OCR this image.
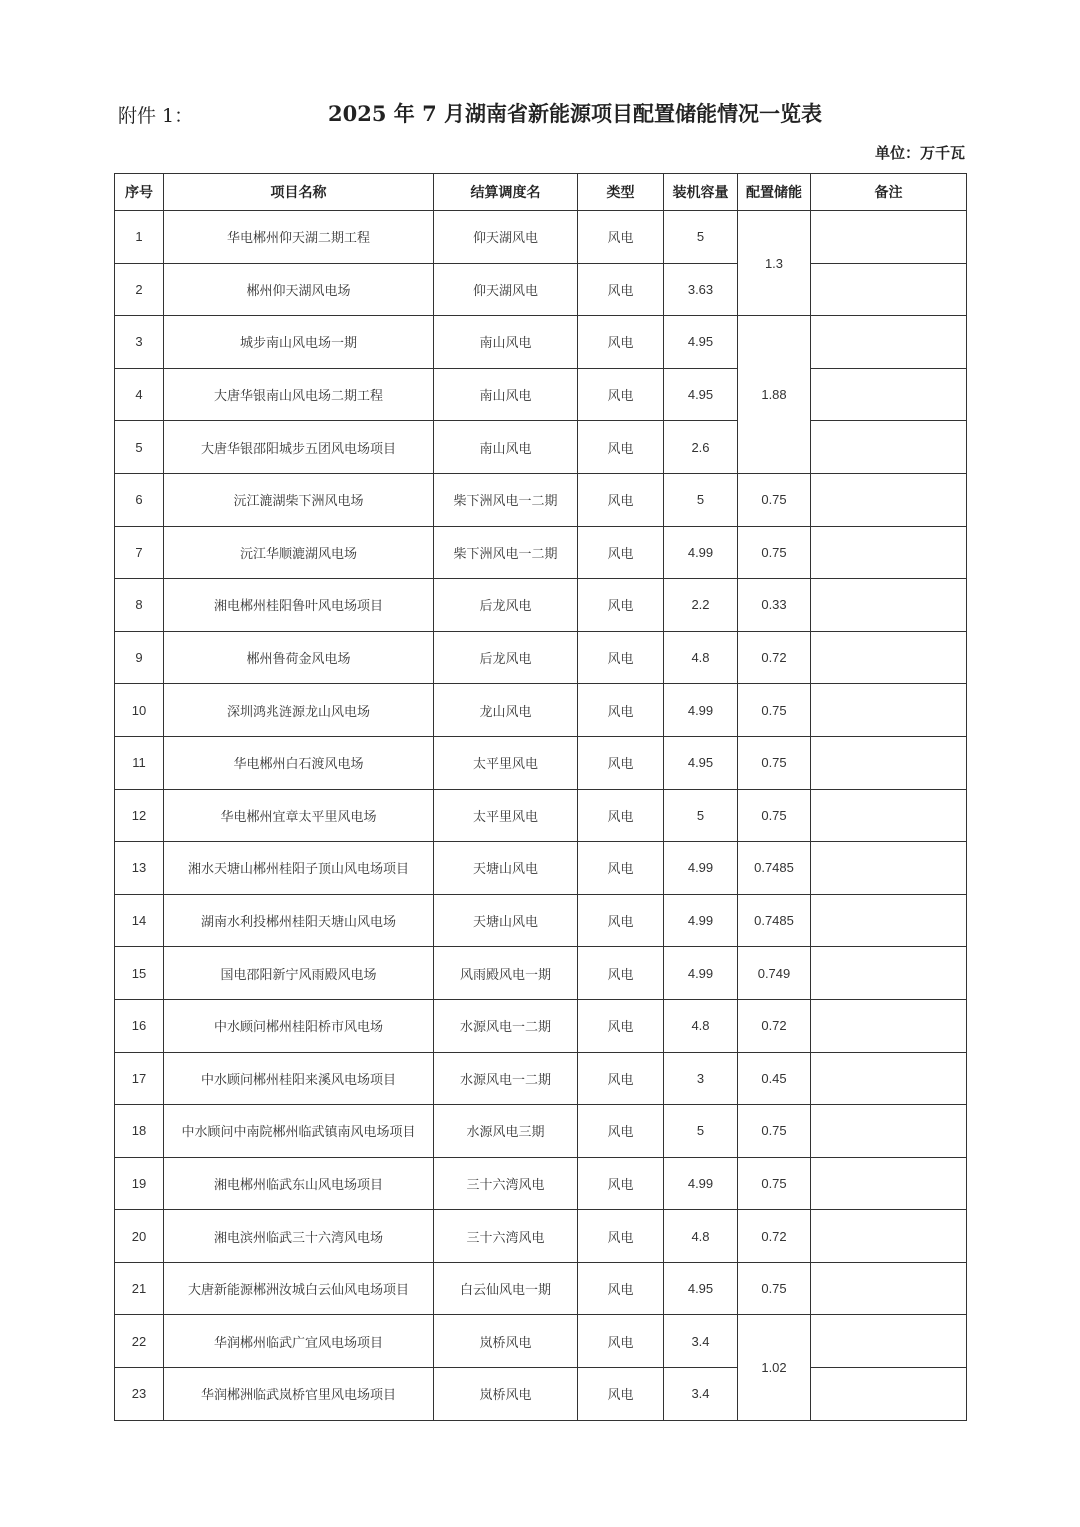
附件 1：	2025 年 7 月湖南省新能源项目配置储能情况一览表
单位：万千瓦
序号	项目名称	结算调度名	类型	装机容量	配置储能	备注
1	华电郴州仰天湖二期工程	仰天湖风电	风电	5	1.3	
2	郴州仰天湖风电场	仰天湖风电	风电	3.63		
3	城步南山风电场一期	南山风电	风电	4.95	1.88	
4	大唐华银南山风电场二期工程	南山风电	风电	4.95		
5	大唐华银邵阳城步五团风电场项目	南山风电	风电	2.6		
6	沅江漉湖柴下洲风电场	柴下洲风电一二期	风电	5	0.75	
7	沅江华顺漉湖风电场	柴下洲风电一二期	风电	4.99	0.75	
8	湘电郴州桂阳鲁叶风电场项目	后龙风电	风电	2.2	0.33	
9	郴州鲁荷金风电场	后龙风电	风电	4.8	0.72	
10	深圳鸿兆涟源龙山风电场	龙山风电	风电	4.99	0.75	
11	华电郴州白石渡风电场	太平里风电	风电	4.95	0.75	
12	华电郴州宜章太平里风电场	太平里风电	风电	5	0.75	
13	湘水天塘山郴州桂阳子顶山风电场项目	天塘山风电	风电	4.99	0.7485	
14	湖南水利投郴州桂阳天塘山风电场	天塘山风电	风电	4.99	0.7485	
15	国电邵阳新宁风雨殿风电场	风雨殿风电一期	风电	4.99	0.749	
16	中水顾问郴州桂阳桥市风电场	水源风电一二期	风电	4.8	0.72	
17	中水顾问郴州桂阳来溪风电场项目	水源风电一二期	风电	3	0.45	
18	中水顾问中南院郴州临武镇南风电场项目	水源风电三期	风电	5	0.75	
19	湘电郴州临武东山风电场项目	三十六湾风电	风电	4.99	0.75	
20	湘电滨州临武三十六湾风电场	三十六湾风电	风电	4.8	0.72	
21	大唐新能源郴洲汝城白云仙风电场项目	白云仙风电一期	风电	4.95	0.75	
22	华润郴州临武广宜风电场项目	岚桥风电	风电	3.4	1.02	
23	华润郴洲临武岚桥官里风电场项目	岚桥风电	风电	3.4		
